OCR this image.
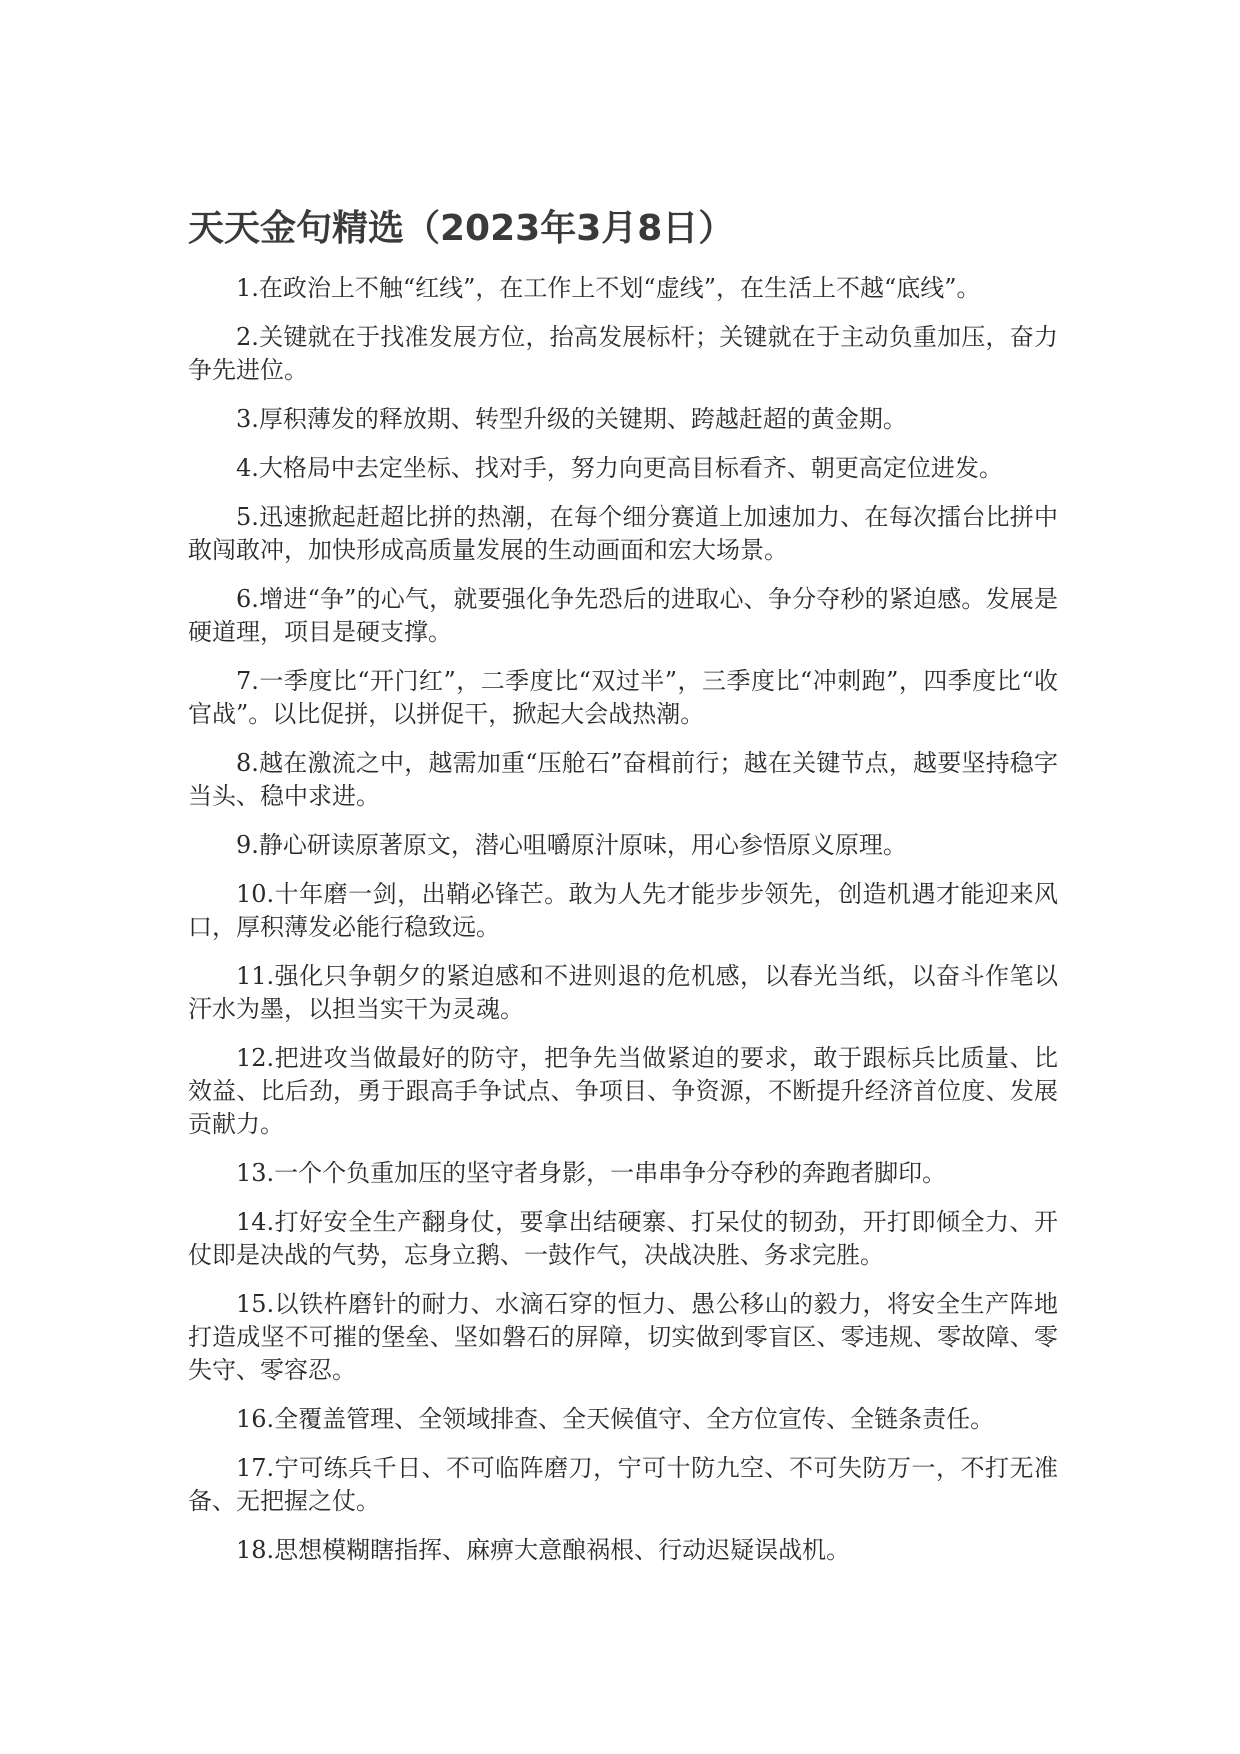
天天金句精选（2023年3月8日）

1.在政治上不触“红线”，在工作上不划“虚线”，在生活上不越“底线”。

2.关键就在于找准发展方位，抬高发展标杆；关键就在于主动负重加压，奋力争先进位。

3.厚积薄发的释放期、转型升级的关键期、跨越赶超的黄金期。

4.大格局中去定坐标、找对手，努力向更高目标看齐、朝更高定位进发。

5.迅速掀起赶超比拼的热潮，在每个细分赛道上加速加力、在每次擂台比拼中敢闯敢冲，加快形成高质量发展的生动画面和宏大场景。

6.增进“争”的心气，就要强化争先恐后的进取心、争分夺秒的紧迫感。发展是硬道理，项目是硬支撑。

7.一季度比“开门红”，二季度比“双过半”，三季度比“冲刺跑”，四季度比“收官战”。以比促拼，以拼促干，掀起大会战热潮。

8.越在激流之中，越需加重“压舱石”奋楫前行；越在关键节点，越要坚持稳字当头、稳中求进。

9.静心研读原著原文，潜心咀嚼原汁原味，用心参悟原义原理。

10.十年磨一剑，出鞘必锋芒。敢为人先才能步步领先，创造机遇才能迎来风口，厚积薄发必能行稳致远。

11.强化只争朝夕的紧迫感和不进则退的危机感，以春光当纸，以奋斗作笔以汗水为墨，以担当实干为灵魂。

12.把进攻当做最好的防守，把争先当做紧迫的要求，敢于跟标兵比质量、比效益、比后劲，勇于跟高手争试点、争项目、争资源，不断提升经济首位度、发展贡献力。

13.一个个负重加压的坚守者身影，一串串争分夺秒的奔跑者脚印。

14.打好安全生产翻身仗，要拿出结硬寨、打呆仗的韧劲，开打即倾全力、开仗即是决战的气势，忘身立鹅、一鼓作气，决战决胜、务求完胜。

15.以铁杵磨针的耐力、水滴石穿的恒力、愚公移山的毅力，将安全生产阵地打造成坚不可摧的堡垒、坚如磐石的屏障，切实做到零盲区、零违规、零故障、零失守、零容忍。

16.全覆盖管理、全领域排查、全天候值守、全方位宣传、全链条责任。

17.宁可练兵千日、不可临阵磨刀，宁可十防九空、不可失防万一，不打无准备、无把握之仗。

18.思想模糊瞎指挥、麻痹大意酿祸根、行动迟疑误战机。
